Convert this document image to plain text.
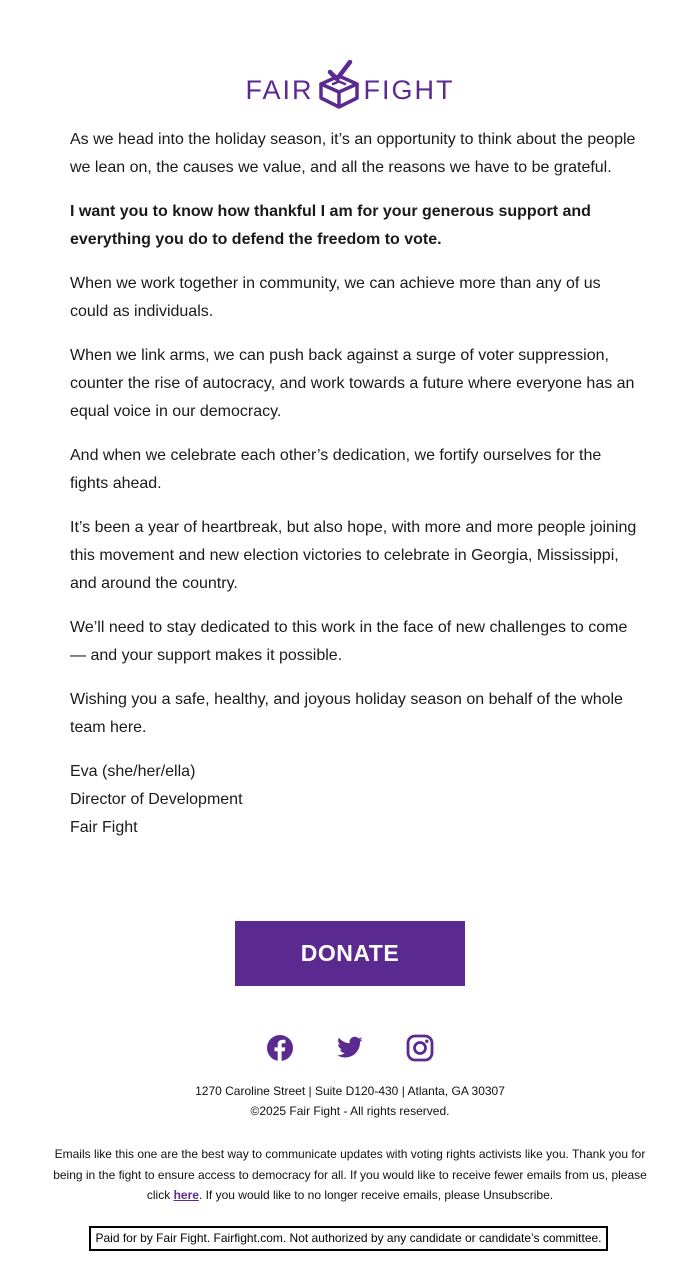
FAIR FIGHT

As we head into the holiday season, it’s an opportunity to think about the people we lean on, the causes we value, and all the reasons we have to be grateful.

I want you to know how thankful I am for your generous support and everything you do to defend the freedom to vote.

When we work together in community, we can achieve more than any of us could as individuals.

When we link arms, we can push back against a surge of voter suppression, counter the rise of autocracy, and work towards a future where everyone has an equal voice in our democracy.

And when we celebrate each other’s dedication, we fortify ourselves for the fights ahead.

It’s been a year of heartbreak, but also hope, with more and more people joining this movement and new election victories to celebrate in Georgia, Mississippi, and around the country.

We’ll need to stay dedicated to this work in the face of new challenges to come — and your support makes it possible.

Wishing you a safe, healthy, and joyous holiday season on behalf of the whole team here.

Eva (she/her/ella)
Director of Development
Fair Fight

DONATE
1270 Caroline Street | Suite D120-430 | Atlanta, GA 30307
©2025 Fair Fight - All rights reserved.
Emails like this one are the best way to communicate updates with voting rights activists like you. Thank you for being in the fight to ensure access to democracy for all. If you would like to receive fewer emails from us, please click here. If you would like to no longer receive emails, please Unsubscribe.
Paid for by Fair Fight. Fairfight.com. Not authorized by any candidate or candidate’s committee.
